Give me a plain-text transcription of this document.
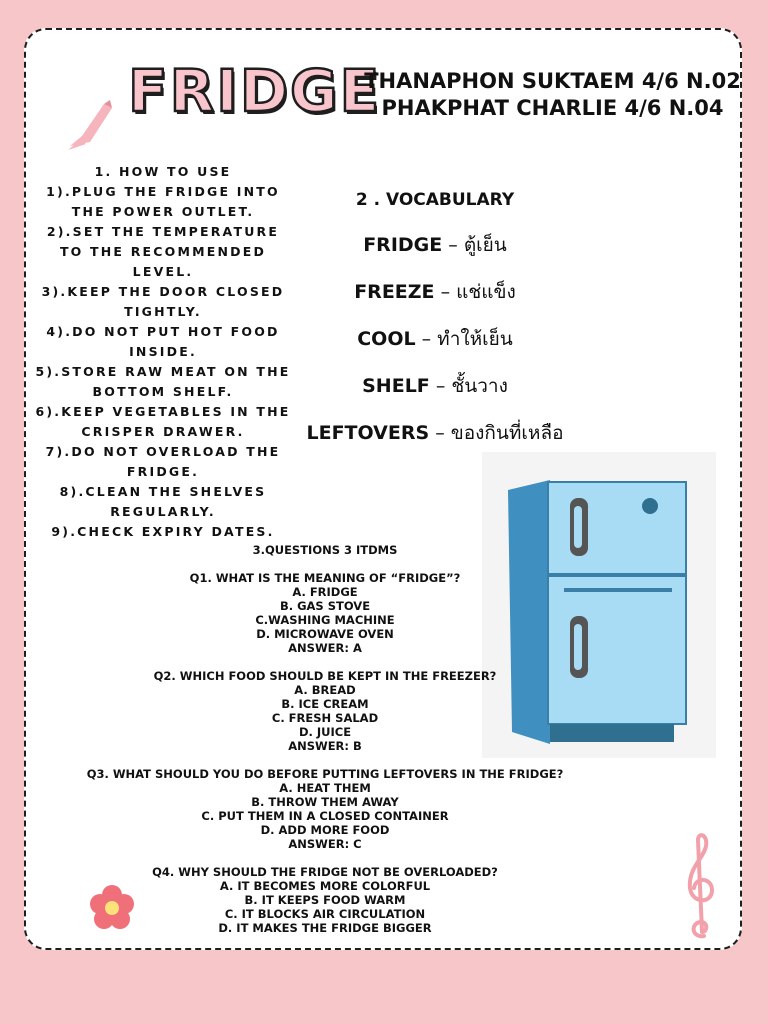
FRIDGE
THANAPHON SUKTAEM 4/6 N.02
PHAKPHAT CHARLIE 4/6 N.04
1. HOW TO USE
1).PLUG THE FRIDGE INTO THE POWER OUTLET.
2).SET THE TEMPERATURE TO THE RECOMMENDED LEVEL.
3).KEEP THE DOOR CLOSED TIGHTLY.
4).DO NOT PUT HOT FOOD INSIDE.
5).STORE RAW MEAT ON THE BOTTOM SHELF.
6).KEEP VEGETABLES IN THE CRISPER DRAWER.
7).DO NOT OVERLOAD THE FRIDGE.
8).CLEAN THE SHELVES REGULARLY.
9).CHECK EXPIRY DATES.
2 . VOCABULARY
FRIDGE – ตู้เย็น
FREEZE – แช่แข็ง
COOL – ทำให้เย็น
SHELF – ชั้นวาง
LEFTOVERS – ของกินที่เหลือ
3.QUESTIONS 3 ITDMS
Q1. WHAT IS THE MEANING OF “FRIDGE”?
A. FRIDGE
B. GAS STOVE
C.WASHING MACHINE
D. MICROWAVE OVEN
ANSWER: A
Q2. WHICH FOOD SHOULD BE KEPT IN THE FREEZER?
A. BREAD
B. ICE CREAM
C. FRESH SALAD
D. JUICE
ANSWER: B
Q3. WHAT SHOULD YOU DO BEFORE PUTTING LEFTOVERS IN THE FRIDGE?
A. HEAT THEM
B. THROW THEM AWAY
C. PUT THEM IN A CLOSED CONTAINER
D. ADD MORE FOOD
ANSWER: C
Q4. WHY SHOULD THE FRIDGE NOT BE OVERLOADED?
A. IT BECOMES MORE COLORFUL
B. IT KEEPS FOOD WARM
C. IT BLOCKS AIR CIRCULATION
D. IT MAKES THE FRIDGE BIGGER
